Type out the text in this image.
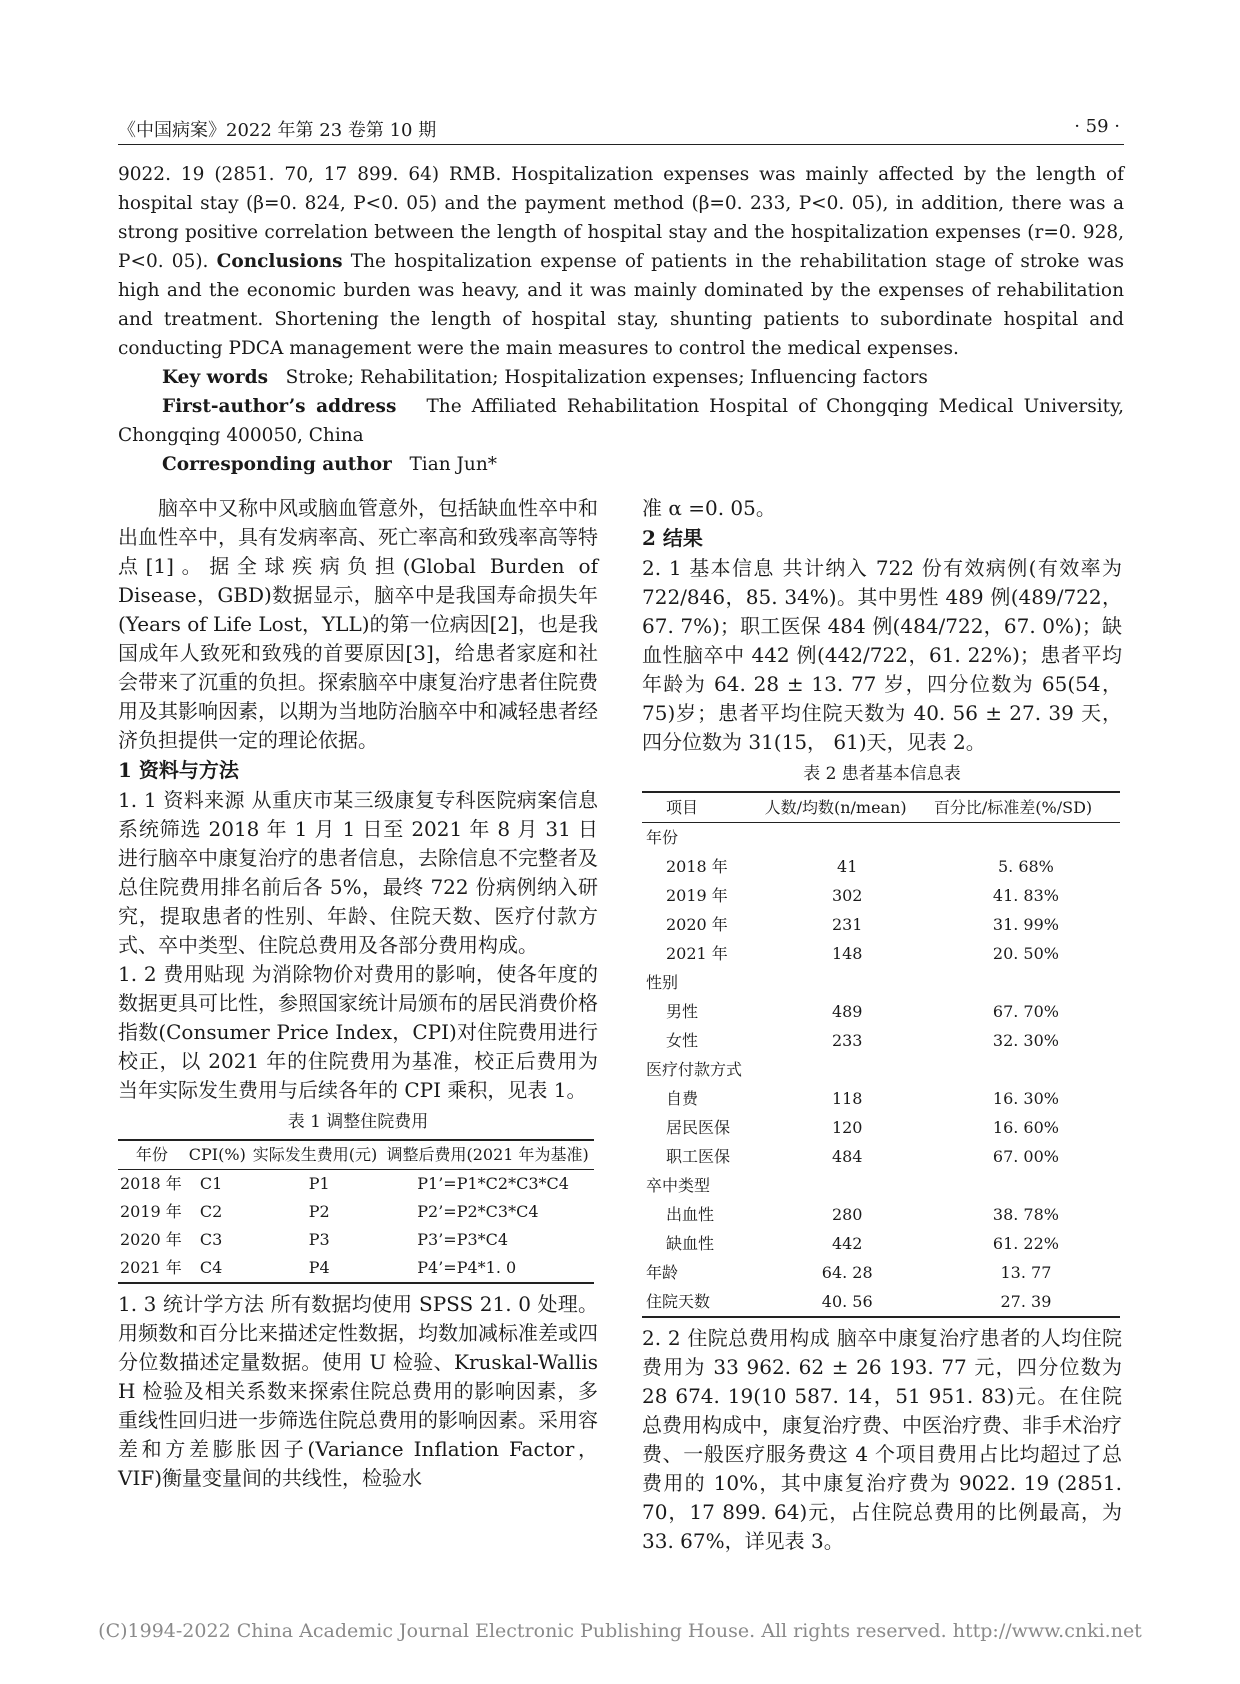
《中国病案》2022 年第 23 卷第 10 期	· 59 ·

9022. 19 (2851. 70, 17 899. 64) RMB. Hospitalization expenses was mainly affected by the length of hospital stay (β=0. 824, P<0. 05) and the payment method (β=0. 233, P<0. 05), in addition, there was a strong positive correlation between the length of hospital stay and the hospitalization expenses (r=0. 928, P<0. 05). Conclusions The hospitalization expense of patients in the rehabilitation stage of stroke was high and the economic burden was heavy, and it was mainly dominated by the expenses of rehabilitation and treatment. Shortening the length of hospital stay, shunting patients to subordinate hospital and conducting PDCA management were the main measures to control the medical expenses.

Key words Stroke; Rehabilitation; Hospitalization expenses; Influencing factors

First-author’s address The Affiliated Rehabilitation Hospital of Chongqing Medical University, Chongqing 400050, China

Corresponding author Tian Jun*

脑卒中又称中风或脑血管意外，包括缺血性卒中和出血性卒中，具有发病率高、死亡率高和致残率高等特点[1]。据全球疾病负担(Global Burden of Disease，GBD)数据显示，脑卒中是我国寿命损失年(Years of Life Lost，YLL)的第一位病因[2]，也是我国成年人致死和致残的首要原因[3]，给患者家庭和社会带来了沉重的负担。探索脑卒中康复治疗患者住院费用及其影响因素，以期为当地防治脑卒中和减轻患者经济负担提供一定的理论依据。

1 资料与方法

1. 1 资料来源 从重庆市某三级康复专科医院病案信息系统筛选 2018 年 1 月 1 日至 2021 年 8 月 31 日进行脑卒中康复治疗的患者信息，去除信息不完整者及总住院费用排名前后各 5%，最终 722 份病例纳入研究，提取患者的性别、年龄、住院天数、医疗付款方式、卒中类型、住院总费用及各部分费用构成。

1. 2 费用贴现 为消除物价对费用的影响，使各年度的数据更具可比性，参照国家统计局颁布的居民消费价格指数(Consumer Price Index，CPI)对住院费用进行校正，以 2021 年的住院费用为基准，校正后费用为当年实际发生费用与后续各年的 CPI 乘积，见表 1。

表 1 调整住院费用
年份	CPI(%)	实际发生费用(元)	调整后费用(2021 年为基准)
2018 年	C1	P1	P1’=P1*C2*C3*C4
2019 年	C2	P2	P2’=P2*C3*C4
2020 年	C3	P3	P3’=P3*C4
2021 年	C4	P4	P4’=P4*1. 0

1. 3 统计学方法 所有数据均使用 SPSS 21. 0 处理。用频数和百分比来描述定性数据，均数加减标准差或四分位数描述定量数据。使用 U 检验、Kruskal-Wallis H 检验及相关系数来探索住院总费用的影响因素，多重线性回归进一步筛选住院总费用的影响因素。采用容差和方差膨胀因子(Variance Inflation Factor，VIF)衡量变量间的共线性，检验水

准 α =0. 05。

2 结果

2. 1 基本信息 共计纳入 722 份有效病例(有效率为 722/846，85. 34%)。其中男性 489 例(489/722，67. 7%)；职工医保 484 例(484/722，67. 0%)；缺血性脑卒中 442 例(442/722，61. 22%)；患者平均年龄为 64. 28 ± 13. 77 岁，四分位数为 65(54，75)岁；患者平均住院天数为 40. 56 ± 27. 39 天，四分位数为 31(15， 61)天，见表 2。

表 2 患者基本信息表
项目	人数/均数(n/mean)	百分比/标准差(%/SD)
年份		
2018 年	41	5. 68%
2019 年	302	41. 83%
2020 年	231	31. 99%
2021 年	148	20. 50%
性别		
男性	489	67. 70%
女性	233	32. 30%
医疗付款方式		
自费	118	16. 30%
居民医保	120	16. 60%
职工医保	484	67. 00%
卒中类型		
出血性	280	38. 78%
缺血性	442	61. 22%
年龄	64. 28	13. 77
住院天数	40. 56	27. 39

2. 2 住院总费用构成 脑卒中康复治疗患者的人均住院费用为 33 962. 62 ± 26 193. 77 元，四分位数为 28 674. 19(10 587. 14，51 951. 83)元。在住院总费用构成中，康复治疗费、中医治疗费、非手术治疗费、一般医疗服务费这 4 个项目费用占比均超过了总费用的 10%，其中康复治疗费为 9022. 19 (2851. 70，17 899. 64)元，占住院总费用的比例最高，为 33. 67%，详见表 3。

(C)1994-2022 China Academic Journal Electronic Publishing House. All rights reserved. http://www.cnki.net
